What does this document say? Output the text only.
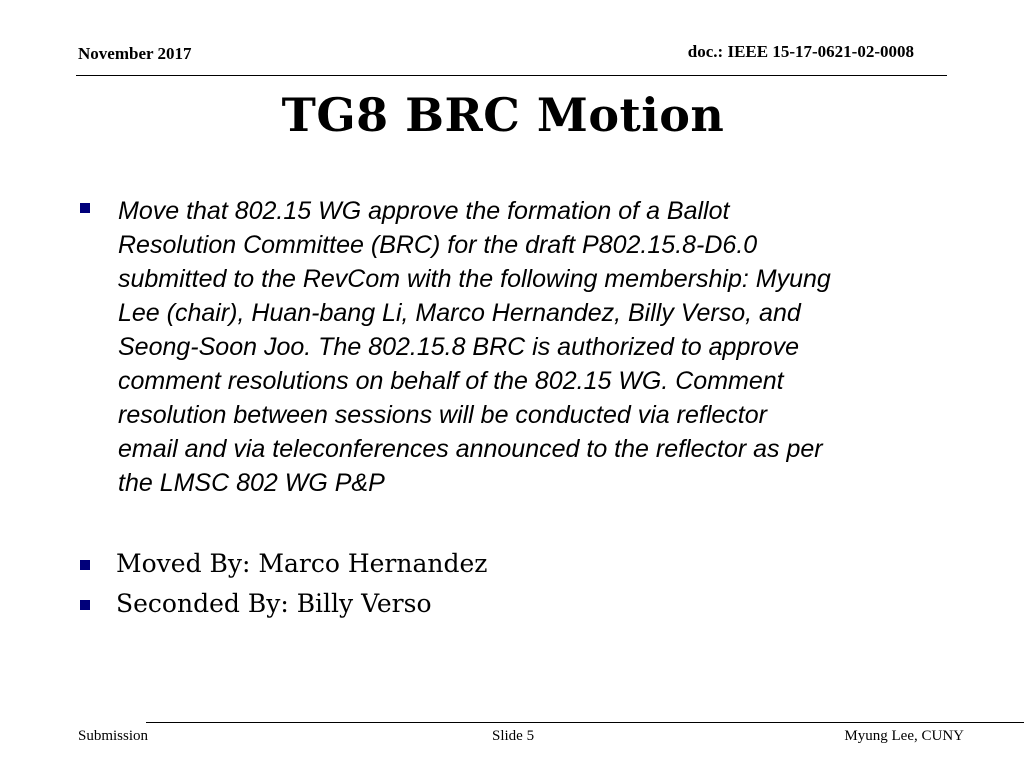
November 2017	doc.: IEEE 15-17-0621-02-0008
TG8 BRC Motion
Move that 802.15 WG approve the formation of a Ballot
Resolution Committee (BRC) for the draft P802.15.8-D6.0
submitted to the RevCom with the following membership: Myung
Lee (chair), Huan-bang Li, Marco Hernandez, Billy Verso, and
Seong-Soon Joo. The 802.15.8 BRC is authorized to approve
comment resolutions on behalf of the 802.15 WG. Comment
resolution between sessions will be conducted via reflector
email and via teleconferences announced to the reflector as per
the LMSC 802 WG P&P
Moved By: Marco Hernandez
Seconded By: Billy Verso
Submission	Slide 5	Myung Lee, CUNY
